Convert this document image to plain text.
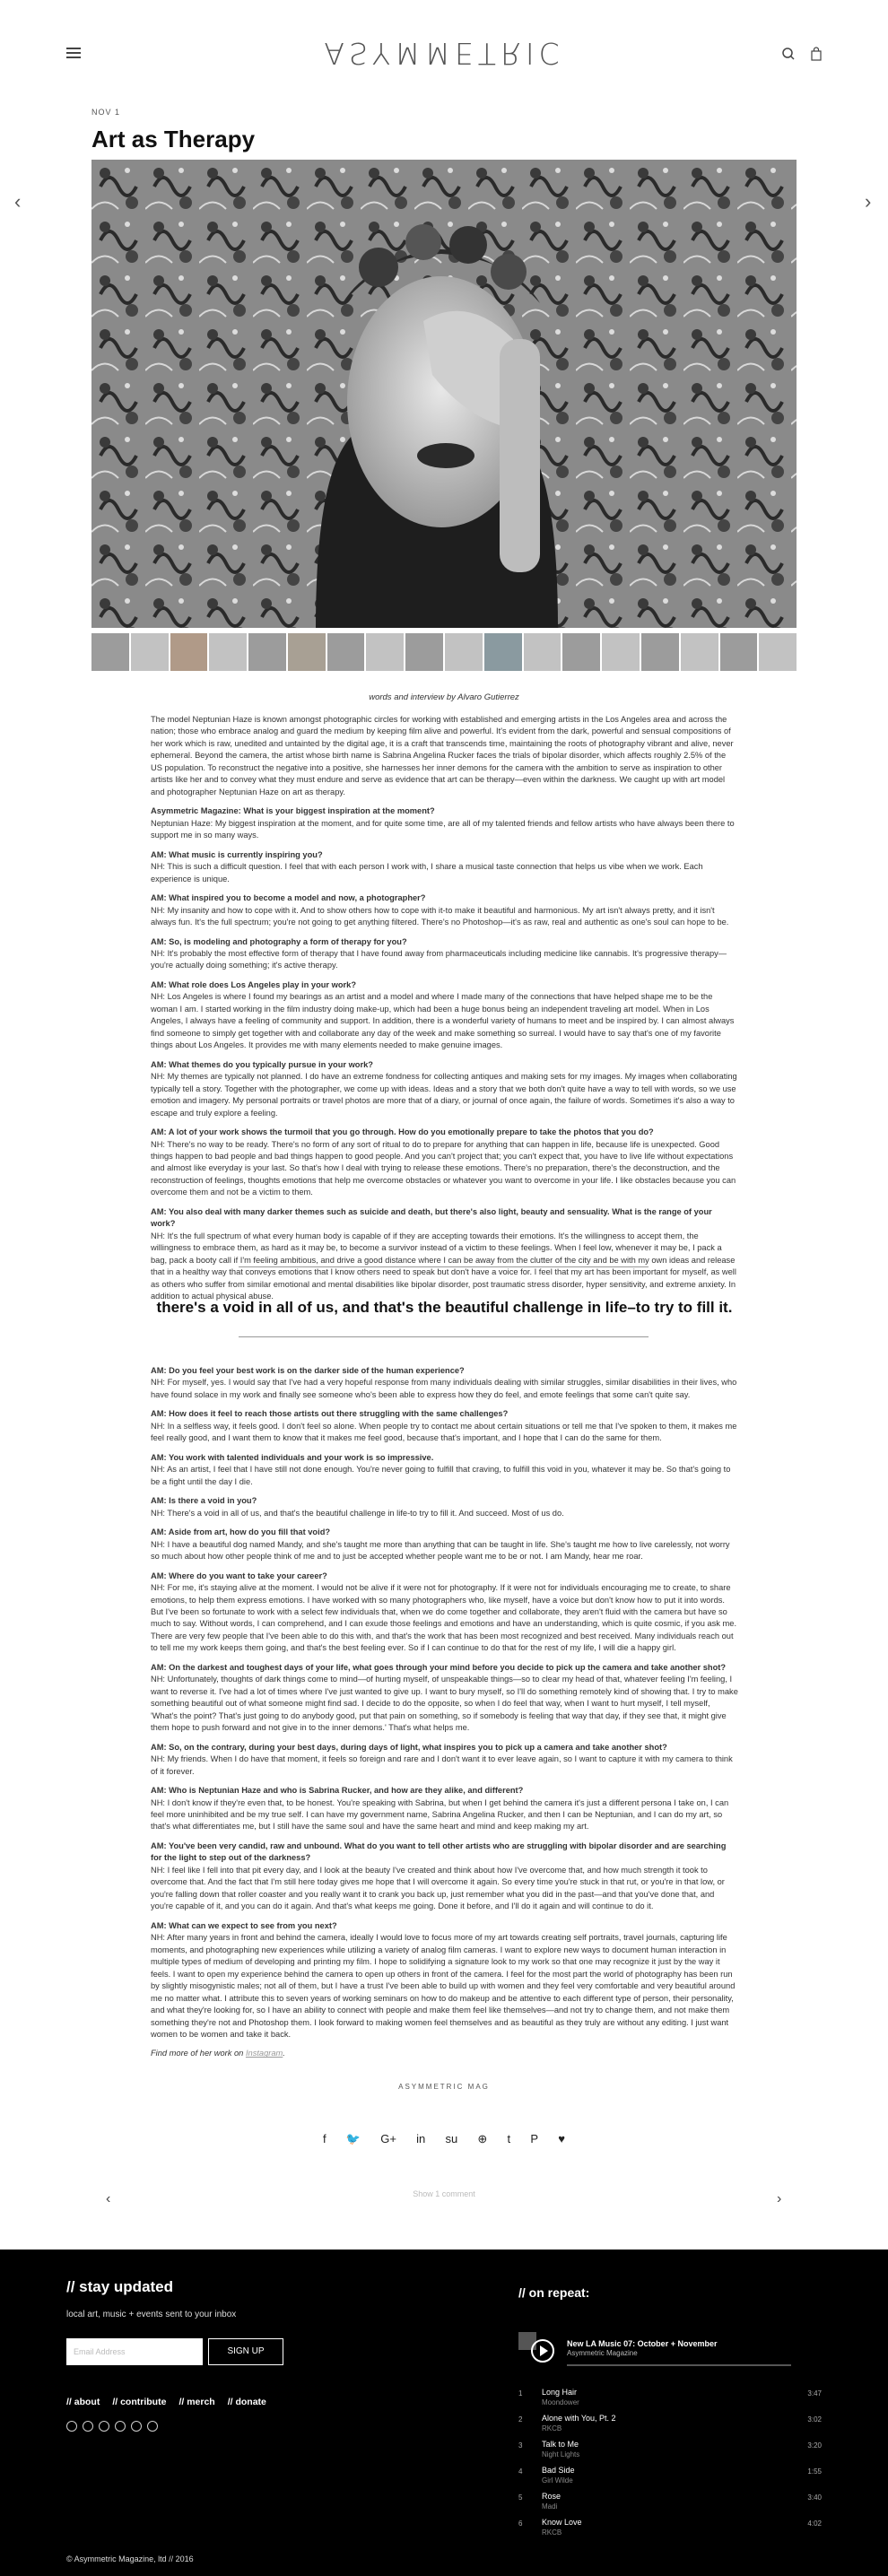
ASYMMETRIC
NOV 1
Art as Therapy
‹	›
words and interview by Alvaro Gutierrez

The model Neptunian Haze is known amongst photographic circles for working with established and emerging artists in the Los Angeles area and across the nation; those who embrace analog and guard the medium by keeping film alive and powerful. It's evident from the dark, powerful and sensual compositions of her work which is raw, unedited and untainted by the digital age, it is a craft that transcends time, maintaining the roots of photography vibrant and alive, never ephemeral. Beyond the camera, the artist whose birth name is Sabrina Angelina Rucker faces the trials of bipolar disorder, which affects roughly 2.5% of the US population. To reconstruct the negative into a positive, she harnesses her inner demons for the camera with the ambition to serve as inspiration to other artists like her and to convey what they must endure and serve as evidence that art can be therapy—even within the darkness. We caught up with art model and photographer Neptunian Haze on art as therapy.

Asymmetric Magazine: What is your biggest inspiration at the moment?
Neptunian Haze: My biggest inspiration at the moment, and for quite some time, are all of my talented friends and fellow artists who have always been there to support me in so many ways.

AM: What music is currently inspiring you?
NH: This is such a difficult question. I feel that with each person I work with, I share a musical taste connection that helps us vibe when we work. Each experience is unique.

AM: What inspired you to become a model and now, a photographer?
NH: My insanity and how to cope with it. And to show others how to cope with it-to make it beautiful and harmonious. My art isn't always pretty, and it isn't always fun. It's the full spectrum; you're not going to get anything filtered. There's no Photoshop—it's as raw, real and authentic as one's soul can hope to be.

AM: So, is modeling and photography a form of therapy for you?
NH: It's probably the most effective form of therapy that I have found away from pharmaceuticals including medicine like cannabis. It's progressive therapy—you're actually doing something; it's active therapy.

AM: What role does Los Angeles play in your work?
NH: Los Angeles is where I found my bearings as an artist and a model and where I made many of the connections that have helped shape me to be the woman I am. I started working in the film industry doing make-up, which had been a huge bonus being an independent traveling art model. When in Los Angeles, I always have a feeling of community and support. In addition, there is a wonderful variety of humans to meet and be inspired by. I can almost always find someone to simply get together with and collaborate any day of the week and make something so surreal. I would have to say that's one of my favorite things about Los Angeles. It provides me with many elements needed to make genuine images.

AM: What themes do you typically pursue in your work?
NH: My themes are typically not planned. I do have an extreme fondness for collecting antiques and making sets for my images. My images when collaborating typically tell a story. Together with the photographer, we come up with ideas. Ideas and a story that we both don't quite have a way to tell with words, so we use emotion and imagery. My personal portraits or travel photos are more that of a diary, or journal of once again, the failure of words. Sometimes it's also a way to escape and truly explore a feeling.

AM: A lot of your work shows the turmoil that you go through. How do you emotionally prepare to take the photos that you do?
NH: There's no way to be ready. There's no form of any sort of ritual to do to prepare for anything that can happen in life, because life is unexpected. Good things happen to bad people and bad things happen to good people. And you can't project that; you can't expect that, you have to live life without expectations and almost like everyday is your last. So that's how I deal with trying to release these emotions. There's no preparation, there's the deconstruction, and the reconstruction of feelings, thoughts emotions that help me overcome obstacles or whatever you want to overcome in your life. I like obstacles because you can overcome them and not be a victim to them.

AM: You also deal with many darker themes such as suicide and death, but there's also light, beauty and sensuality. What is the range of your work?
NH: It's the full spectrum of what every human body is capable of if they are accepting towards their emotions. It's the willingness to accept them, the willingness to embrace them, as hard as it may be, to become a survivor instead of a victim to these feelings. When I feel low, whenever it may be, I pack a bag, pack a booty call if I'm feeling ambitious, and drive a good distance where I can be away from the clutter of the city and be with my own ideas and release that in a healthy way that conveys emotions that I know others need to speak but don't have a voice for. I feel that my art has been important for myself, as well as others who suffer from similar emotional and mental disabilities like bipolar disorder, post traumatic stress disorder, hyper sensitivity, and extreme anxiety. In addition to actual physical abuse.

there's a void in all of us, and that's the beautiful challenge in life–to try to fill it.

AM: Do you feel your best work is on the darker side of the human experience?
NH: For myself, yes. I would say that I've had a very hopeful response from many individuals dealing with similar struggles, similar disabilities in their lives, who have found solace in my work and finally see someone who's been able to express how they do feel, and emote feelings that some can't quite say.

AM: How does it feel to reach those artists out there struggling with the same challenges?
NH: In a selfless way, it feels good. I don't feel so alone. When people try to contact me about certain situations or tell me that I've spoken to them, it makes me feel really good, and I want them to know that it makes me feel good, because that's important, and I hope that I can do the same for them.

AM: You work with talented individuals and your work is so impressive.
NH: As an artist, I feel that I have still not done enough. You're never going to fulfill that craving, to fulfill this void in you, whatever it may be. So that's going to be a fight until the day I die.

AM: Is there a void in you?
NH: There's a void in all of us, and that's the beautiful challenge in life-to try to fill it. And succeed. Most of us do.

AM: Aside from art, how do you fill that void?
NH: I have a beautiful dog named Mandy, and she's taught me more than anything that can be taught in life. She's taught me how to live carelessly, not worry so much about how other people think of me and to just be accepted whether people want me to be or not. I am Mandy, hear me roar.

AM: Where do you want to take your career?
NH: For me, it's staying alive at the moment. I would not be alive if it were not for photography. If it were not for individuals encouraging me to create, to share emotions, to help them express emotions. I have worked with so many photographers who, like myself, have a voice but don't know how to put it into words. But I've been so fortunate to work with a select few individuals that, when we do come together and collaborate, they aren't fluid with the camera but have so much to say. Without words, I can comprehend, and I can exude those feelings and emotions and have an understanding, which is quite cosmic, if you ask me. There are very few people that I've been able to do this with, and that's the work that has been most recognized and best received. Many individuals reach out to tell me my work keeps them going, and that's the best feeling ever. So if I can continue to do that for the rest of my life, I will die a happy girl.

AM: On the darkest and toughest days of your life, what goes through your mind before you decide to pick up the camera and take another shot?
NH: Unfortunately, thoughts of dark things come to mind—of hurting myself, of unspeakable things—so to clear my head of that, whatever feeling I'm feeling, I want to reverse it. I've had a lot of times where I've just wanted to give up. I want to bury myself, so I'll do something remotely kind of showing that. I try to make something beautiful out of what someone might find sad. I decide to do the opposite, so when I do feel that way, when I want to hurt myself, I tell myself, 'What's the point? That's just going to do anybody good, put that pain on something, so if somebody is feeling that way that day, if they see that, it might give them hope to push forward and not give in to the inner demons.' That's what helps me.

AM: So, on the contrary, during your best days, during days of light, what inspires you to pick up a camera and take another shot?
NH: My friends. When I do have that moment, it feels so foreign and rare and I don't want it to ever leave again, so I want to capture it with my camera to think of it forever.

AM: Who is Neptunian Haze and who is Sabrina Rucker, and how are they alike, and different?
NH: I don't know if they're even that, to be honest. You're speaking with Sabrina, but when I get behind the camera it's just a different persona I take on, I can feel more uninhibited and be my true self. I can have my government name, Sabrina Angelina Rucker, and then I can be Neptunian, and I can do my art, so that's what differentiates me, but I still have the same soul and have the same heart and mind and keep making my art.

AM: You've been very candid, raw and unbound. What do you want to tell other artists who are struggling with bipolar disorder and are searching for the light to step out of the darkness?
NH: I feel like I fell into that pit every day, and I look at the beauty I've created and think about how I've overcome that, and how much strength it took to overcome that. And the fact that I'm still here today gives me hope that I will overcome it again. So every time you're stuck in that rut, or you're in that low, or you're falling down that roller coaster and you really want it to crank you back up, just remember what you did in the past—and that you've done that, and you're capable of it, and you can do it again. And that's what keeps me going. Done it before, and I'll do it again and will continue to do it.

AM: What can we expect to see from you next?
NH: After many years in front and behind the camera, ideally I would love to focus more of my art towards creating self portraits, travel journals, capturing life moments, and photographing new experiences while utilizing a variety of analog film cameras. I want to explore new ways to document human interaction in multiple types of medium of developing and printing my film. I hope to solidifying a signature look to my work so that one may recognize it just by the way it feels. I want to open my experience behind the camera to open up others in front of the camera. I feel for the most part the world of photography has been run by slightly misogynistic males; not all of them, but I have a trust I've been able to build up with women and they feel very comfortable and very beautiful around me no matter what. I attribute this to seven years of working seminars on how to do makeup and be attentive to each different type of person, their personality, and what they're looking for, so I have an ability to connect with people and make them feel like themselves—and not try to change them, and not make them something they're not and Photoshop them. I look forward to making women feel themselves and as beautiful as they truly are without any editing. I just want women to be women and take it back.

Find more of her work on Instagram.

ASYMMETRIC MAG
f 🐦 G+ in su ⊕ t P ♥
‹	Show 1 comment	›
// stay updated
local art, music + events sent to your inbox
Email Address	SIGN UP
// about // contribute // merch // donate
© Asymmetric Magazine, ltd // 2016
// on repeat:
New LA Music 07: October + November
Asymmetric Magazine
1 Long Hair
Moondower
3:47
2 Alone with You, Pt. 2
RKCB
3:02
3 Talk to Me
Night Lights
3:20
4 Bad Side
Girl Wilde
1:55
5 Rose
Madi
3:40
6 Know Love
RKCB
4:02
